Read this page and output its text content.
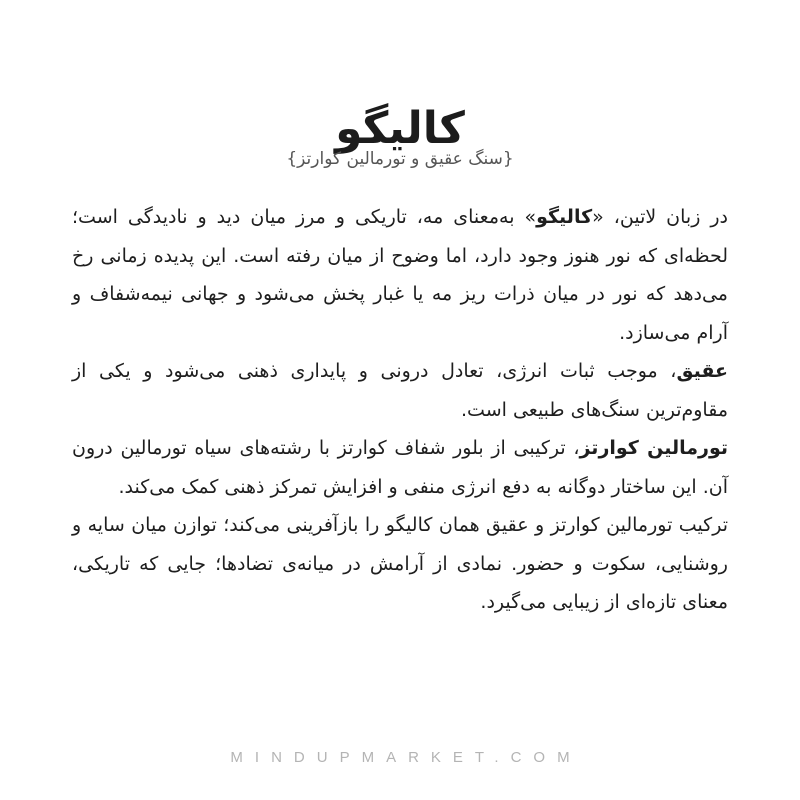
کالیگو
{سنگ عقیق و تورمالین کوارتز}

در زبان لاتین، «کالیگو» به‌معنای مه، تاریکی و مرز میان دید و نادیدگی است؛ لحظه‌ای که نور هنوز وجود دارد، اما وضوح از میان رفته است. این پدیده زمانی رخ می‌دهد که نور در میان ذرات ریز مه یا غبار پخش می‌شود و جهانی نیمه‌شفاف و آرام می‌سازد.

عقیق، موجب ثبات انرژی، تعادل درونی و پایداری ذهنی می‌شود و یکی از مقاوم‌ترین سنگ‌های طبیعی است.

تورمالین کوارتز، ترکیبی از بلور شفاف کوارتز با رشته‌های سیاه تورمالین درون آن. این ساختار دوگانه به دفع انرژی منفی و افزایش تمرکز ذهنی کمک می‌کند.

ترکیب تورمالین کوارتز و عقیق همان کالیگو را بازآفرینی می‌کند؛ توازن میان سایه و روشنایی، سکوت و حضور. نمادی از آرامش در میانه‌ی تضادها؛ جایی که تاریکی، معنای تازه‌ای از زیبایی می‌گیرد.

MINDUPMARKET.COM
